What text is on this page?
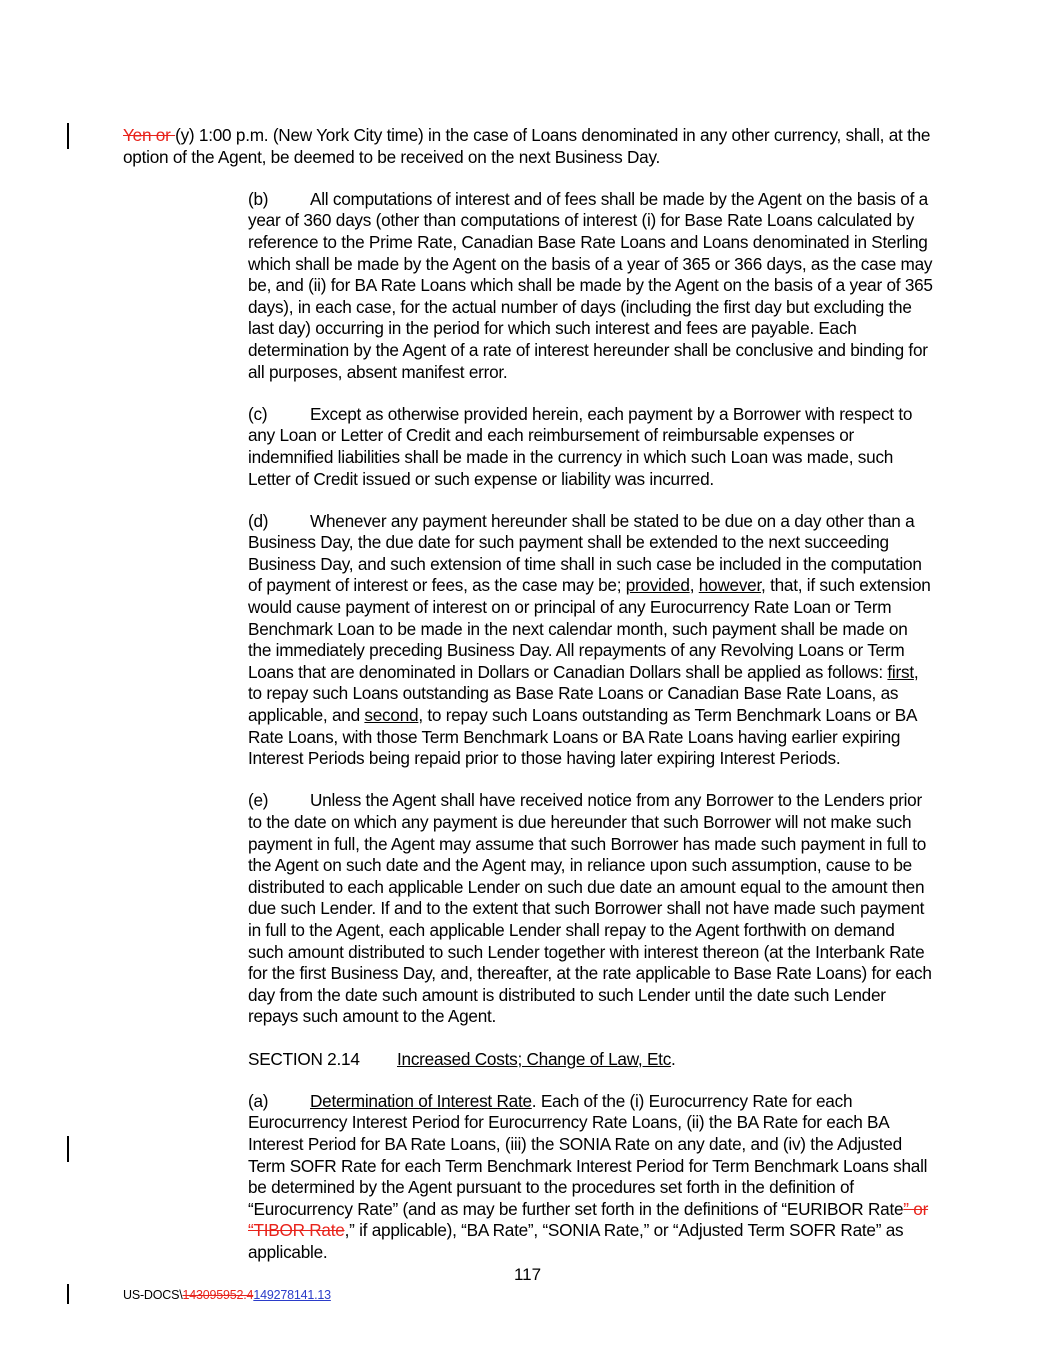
Yen or (y) 1:00 p.m. (New York City time) in the case of Loans denominated in any other currency, shall, at the option of the Agent, be deemed to be received on the next Business Day.

(b) All computations of interest and of fees shall be made by the Agent on the basis of a year of 360 days (other than computations of interest (i) for Base Rate Loans calculated by reference to the Prime Rate, Canadian Base Rate Loans and Loans denominated in Sterling which shall be made by the Agent on the basis of a year of 365 or 366 days, as the case may be, and (ii) for BA Rate Loans which shall be made by the Agent on the basis of a year of 365 days), in each case, for the actual number of days (including the first day but excluding the last day) occurring in the period for which such interest and fees are payable. Each determination by the Agent of a rate of interest hereunder shall be conclusive and binding for all purposes, absent manifest error.

(c) Except as otherwise provided herein, each payment by a Borrower with respect to any Loan or Letter of Credit and each reimbursement of reimbursable expenses or indemnified liabilities shall be made in the currency in which such Loan was made, such Letter of Credit issued or such expense or liability was incurred.

(d) Whenever any payment hereunder shall be stated to be due on a day other than a Business Day, the due date for such payment shall be extended to the next succeeding Business Day, and such extension of time shall in such case be included in the computation of payment of interest or fees, as the case may be; provided, however, that, if such extension would cause payment of interest on or principal of any Eurocurrency Rate Loan or Term Benchmark Loan to be made in the next calendar month, such payment shall be made on the immediately preceding Business Day. All repayments of any Revolving Loans or Term Loans that are denominated in Dollars or Canadian Dollars shall be applied as follows: first, to repay such Loans outstanding as Base Rate Loans or Canadian Base Rate Loans, as applicable, and second, to repay such Loans outstanding as Term Benchmark Loans or BA Rate Loans, with those Term Benchmark Loans or BA Rate Loans having earlier expiring Interest Periods being repaid prior to those having later expiring Interest Periods.

(e) Unless the Agent shall have received notice from any Borrower to the Lenders prior to the date on which any payment is due hereunder that such Borrower will not make such payment in full, the Agent may assume that such Borrower has made such payment in full to the Agent on such date and the Agent may, in reliance upon such assumption, cause to be distributed to each applicable Lender on such due date an amount equal to the amount then due such Lender. If and to the extent that such Borrower shall not have made such payment in full to the Agent, each applicable Lender shall repay to the Agent forthwith on demand such amount distributed to such Lender together with interest thereon (at the Interbank Rate for the first Business Day, and, thereafter, at the rate applicable to Base Rate Loans) for each day from the date such amount is distributed to such Lender until the date such Lender repays such amount to the Agent.

SECTION 2.14 Increased Costs; Change of Law, Etc.

(a) Determination of Interest Rate. Each of the (i) Eurocurrency Rate for each Eurocurrency Interest Period for Eurocurrency Rate Loans, (ii) the BA Rate for each BA Interest Period for BA Rate Loans, (iii) the SONIA Rate on any date, and (iv) the Adjusted Term SOFR Rate for each Term Benchmark Interest Period for Term Benchmark Loans shall be determined by the Agent pursuant to the procedures set forth in the definition of “Eurocurrency Rate” (and as may be further set forth in the definitions of “EURIBOR Rate” or “TIBOR Rate,” if applicable), “BA Rate”, “SONIA Rate,” or “Adjusted Term SOFR Rate” as applicable.

117
US-DOCS\143095952.4149278141.13
